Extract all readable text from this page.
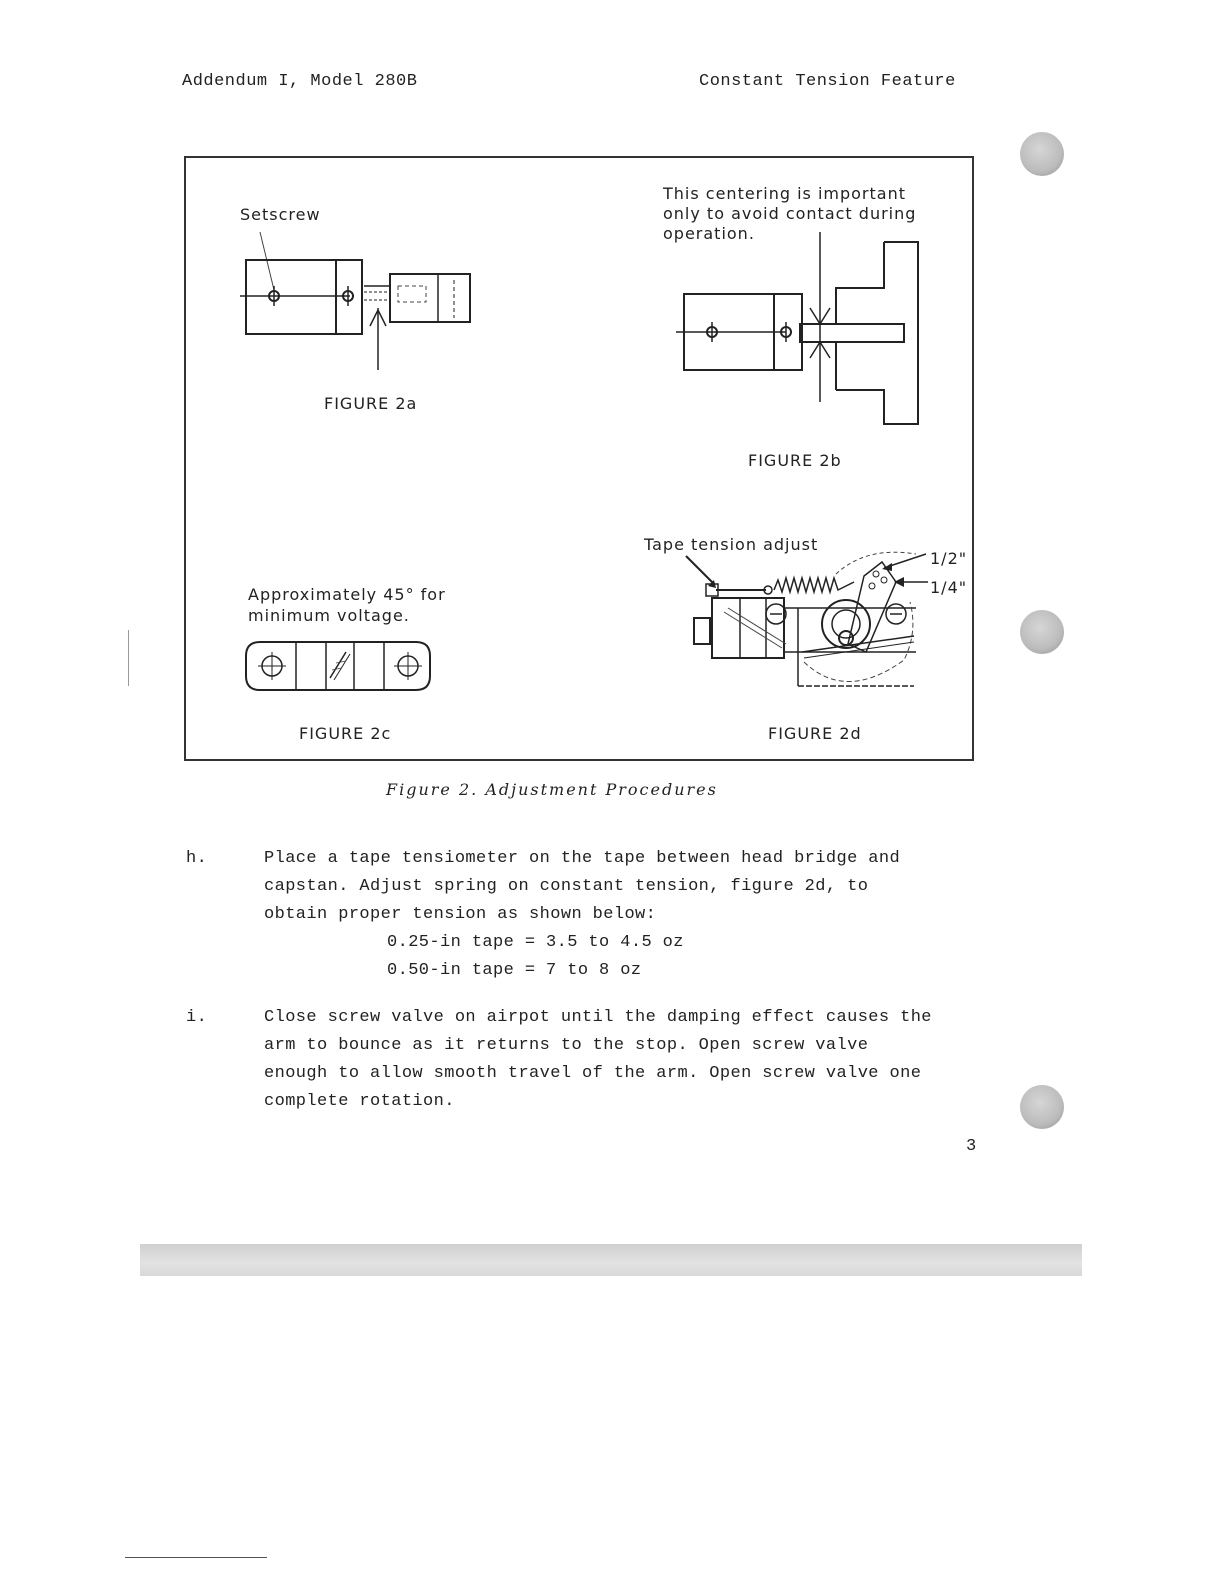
Addendum I, Model 280B	Constant Tension Feature
Setscrew
FIGURE 2a
This centering is important
only to avoid contact during
operation.
FIGURE 2b
Approximately 45° for
minimum voltage.
FIGURE 2c
Tape tension adjust
1/2"
1/4"
FIGURE 2d
Figure 2. Adjustment Procedures
h.	Place a tape tensiometer on the tape between head bridge and
capstan. Adjust spring on constant tension, figure 2d, to
obtain proper tension as shown below:
0.25-in tape = 3.5 to 4.5 oz
0.50-in tape = 7 to 8 oz
i.	Close screw valve on airpot until the damping effect causes the
arm to bounce as it returns to the stop. Open screw valve
enough to allow smooth travel of the arm. Open screw valve one
complete rotation.
3
